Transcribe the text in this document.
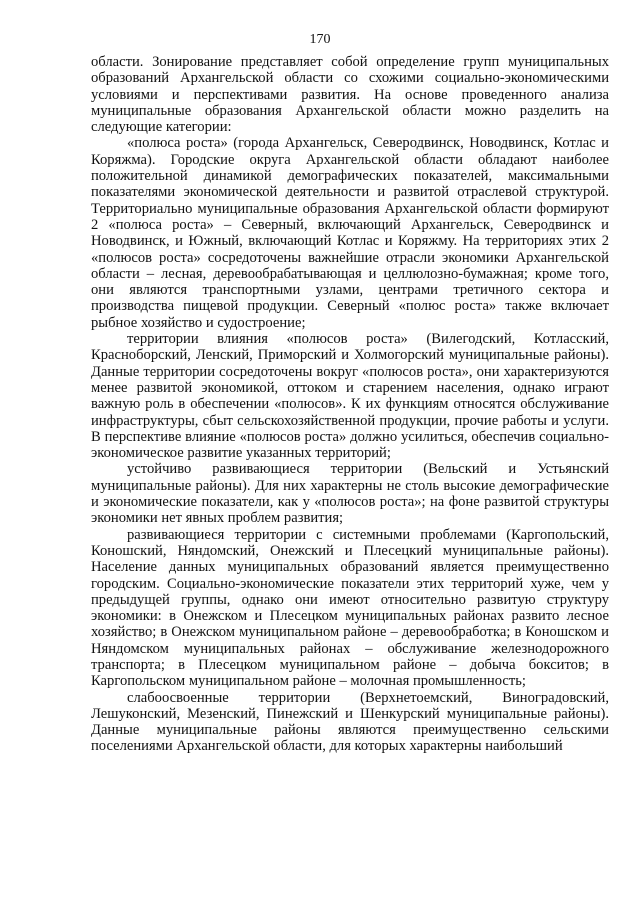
170

области. Зонирование представляет собой определение групп муниципальных образований Архангельской области со схожими социально-экономическими условиями и перспективами развития. На основе проведенного анализа муниципальные образования Архангельской области можно разделить на следующие категории:

«полюса роста» (города Архангельск, Северодвинск, Новодвинск, Котлас и Коряжма). Городские округа Архангельской области обладают наиболее положительной динамикой демографических показателей, максимальными показателями экономической деятельности и развитой отраслевой структурой. Территориально муниципальные образования Архангельской области формируют 2 «полюса роста» – Северный, включающий Архангельск, Северодвинск и Новодвинск, и Южный, включающий Котлас и Коряжму. На территориях этих 2 «полюсов роста» сосредоточены важнейшие отрасли экономики Архангельской области – лесная, деревообрабатывающая и целлюлозно-бумажная; кроме того, они являются транспортными узлами, центрами третичного сектора и производства пищевой продукции. Северный «полюс роста» также включает рыбное хозяйство и судостроение;

территории влияния «полюсов роста» (Вилегодский, Котласский, Красноборский, Ленский, Приморский и Холмогорский муниципальные районы). Данные территории сосредоточены вокруг «полюсов роста», они характеризуются менее развитой экономикой, оттоком и старением населения, однако играют важную роль в обеспечении «полюсов». К их функциям относятся обслуживание инфраструктуры, сбыт сельскохозяйственной продукции, прочие работы и услуги. В перспективе влияние «полюсов роста» должно усилиться, обеспечив социально-экономическое развитие указанных территорий;

устойчиво развивающиеся территории (Вельский и Устьянский муниципальные районы). Для них характерны не столь высокие демографические и экономические показатели, как у «полюсов роста»; на фоне развитой структуры экономики нет явных проблем развития;

развивающиеся территории с системными проблемами (Каргопольский, Коношский, Няндомский, Онежский и Плесецкий муниципальные районы). Население данных муниципальных образований является преимущественно городским. Социально-экономические показатели этих территорий хуже, чем у предыдущей группы, однако они имеют относительно развитую структуру экономики: в Онежском и Плесецком муниципальных районах развито лесное хозяйство; в Онежском муниципальном районе – деревообработка; в Коношском и Няндомском муниципальных районах – обслуживание железнодорожного транспорта; в Плесецком муниципальном районе – добыча бокситов; в Каргопольском муниципальном районе – молочная промышленность;

слабоосвоенные территории (Верхнетоемский, Виноградовский, Лешуконский, Мезенский, Пинежский и Шенкурский муниципальные районы). Данные муниципальные районы являются преимущественно сельскими поселениями Архангельской области, для которых характерны наибольший
